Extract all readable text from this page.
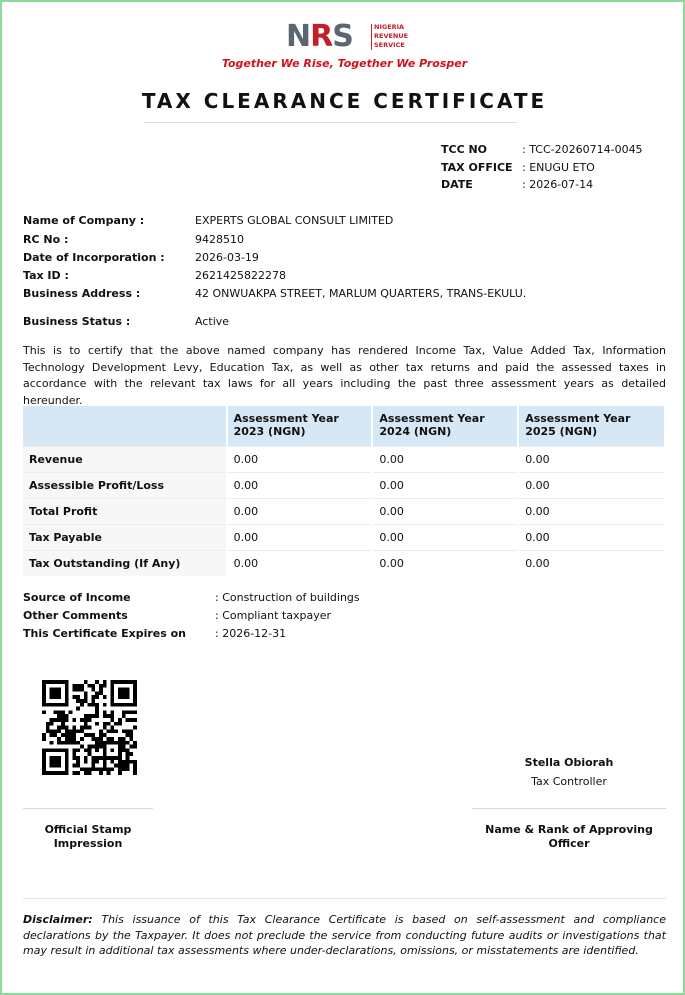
NRS	NIGERIA
REVENUE
SERVICE
Together We Rise, Together We Prosper
TAX CLEARANCE CERTIFICATE
TCC NO	: TCC-20260714-0045
TAX OFFICE : ENUGU ETO
DATE	: 2026-07-14
Name of Company :	EXPERTS GLOBAL CONSULT LIMITED
RC No :	9428510
Date of Incorporation :	2026-03-19
Tax ID :	2621425822278
Business Address :	42 ONWUAKPA STREET, MARLUM QUARTERS, TRANS-EKULU.
Business Status :	Active
This is to certify that the above named company has rendered Income Tax, Value Added Tax, Information Technology Development Levy, Education Tax, as well as other tax returns and paid the assessed taxes in accordance with the relevant tax laws for all years including the past three assessment years as detailed hereunder.
	Assessment Year 2023 (NGN)	Assessment Year 2024 (NGN)	Assessment Year 2025 (NGN)
Revenue	0.00	0.00	0.00
Assessible Profit/Loss	0.00	0.00	0.00
Total Profit	0.00	0.00	0.00
Tax Payable	0.00	0.00	0.00
Tax Outstanding (If Any)	0.00	0.00	0.00
Source of Income	: Construction of buildings
Other Comments	: Compliant taxpayer
This Certificate Expires on	: 2026-12-31
Stella Obiorah
Tax Controller
Official Stamp Impression
Name & Rank of Approving Officer
Disclaimer: This issuance of this Tax Clearance Certificate is based on self-assessment and compliance declarations by the Taxpayer. It does not preclude the service from conducting future audits or investigations that may result in additional tax assessments where under-declarations, omissions, or misstatements are identified.
